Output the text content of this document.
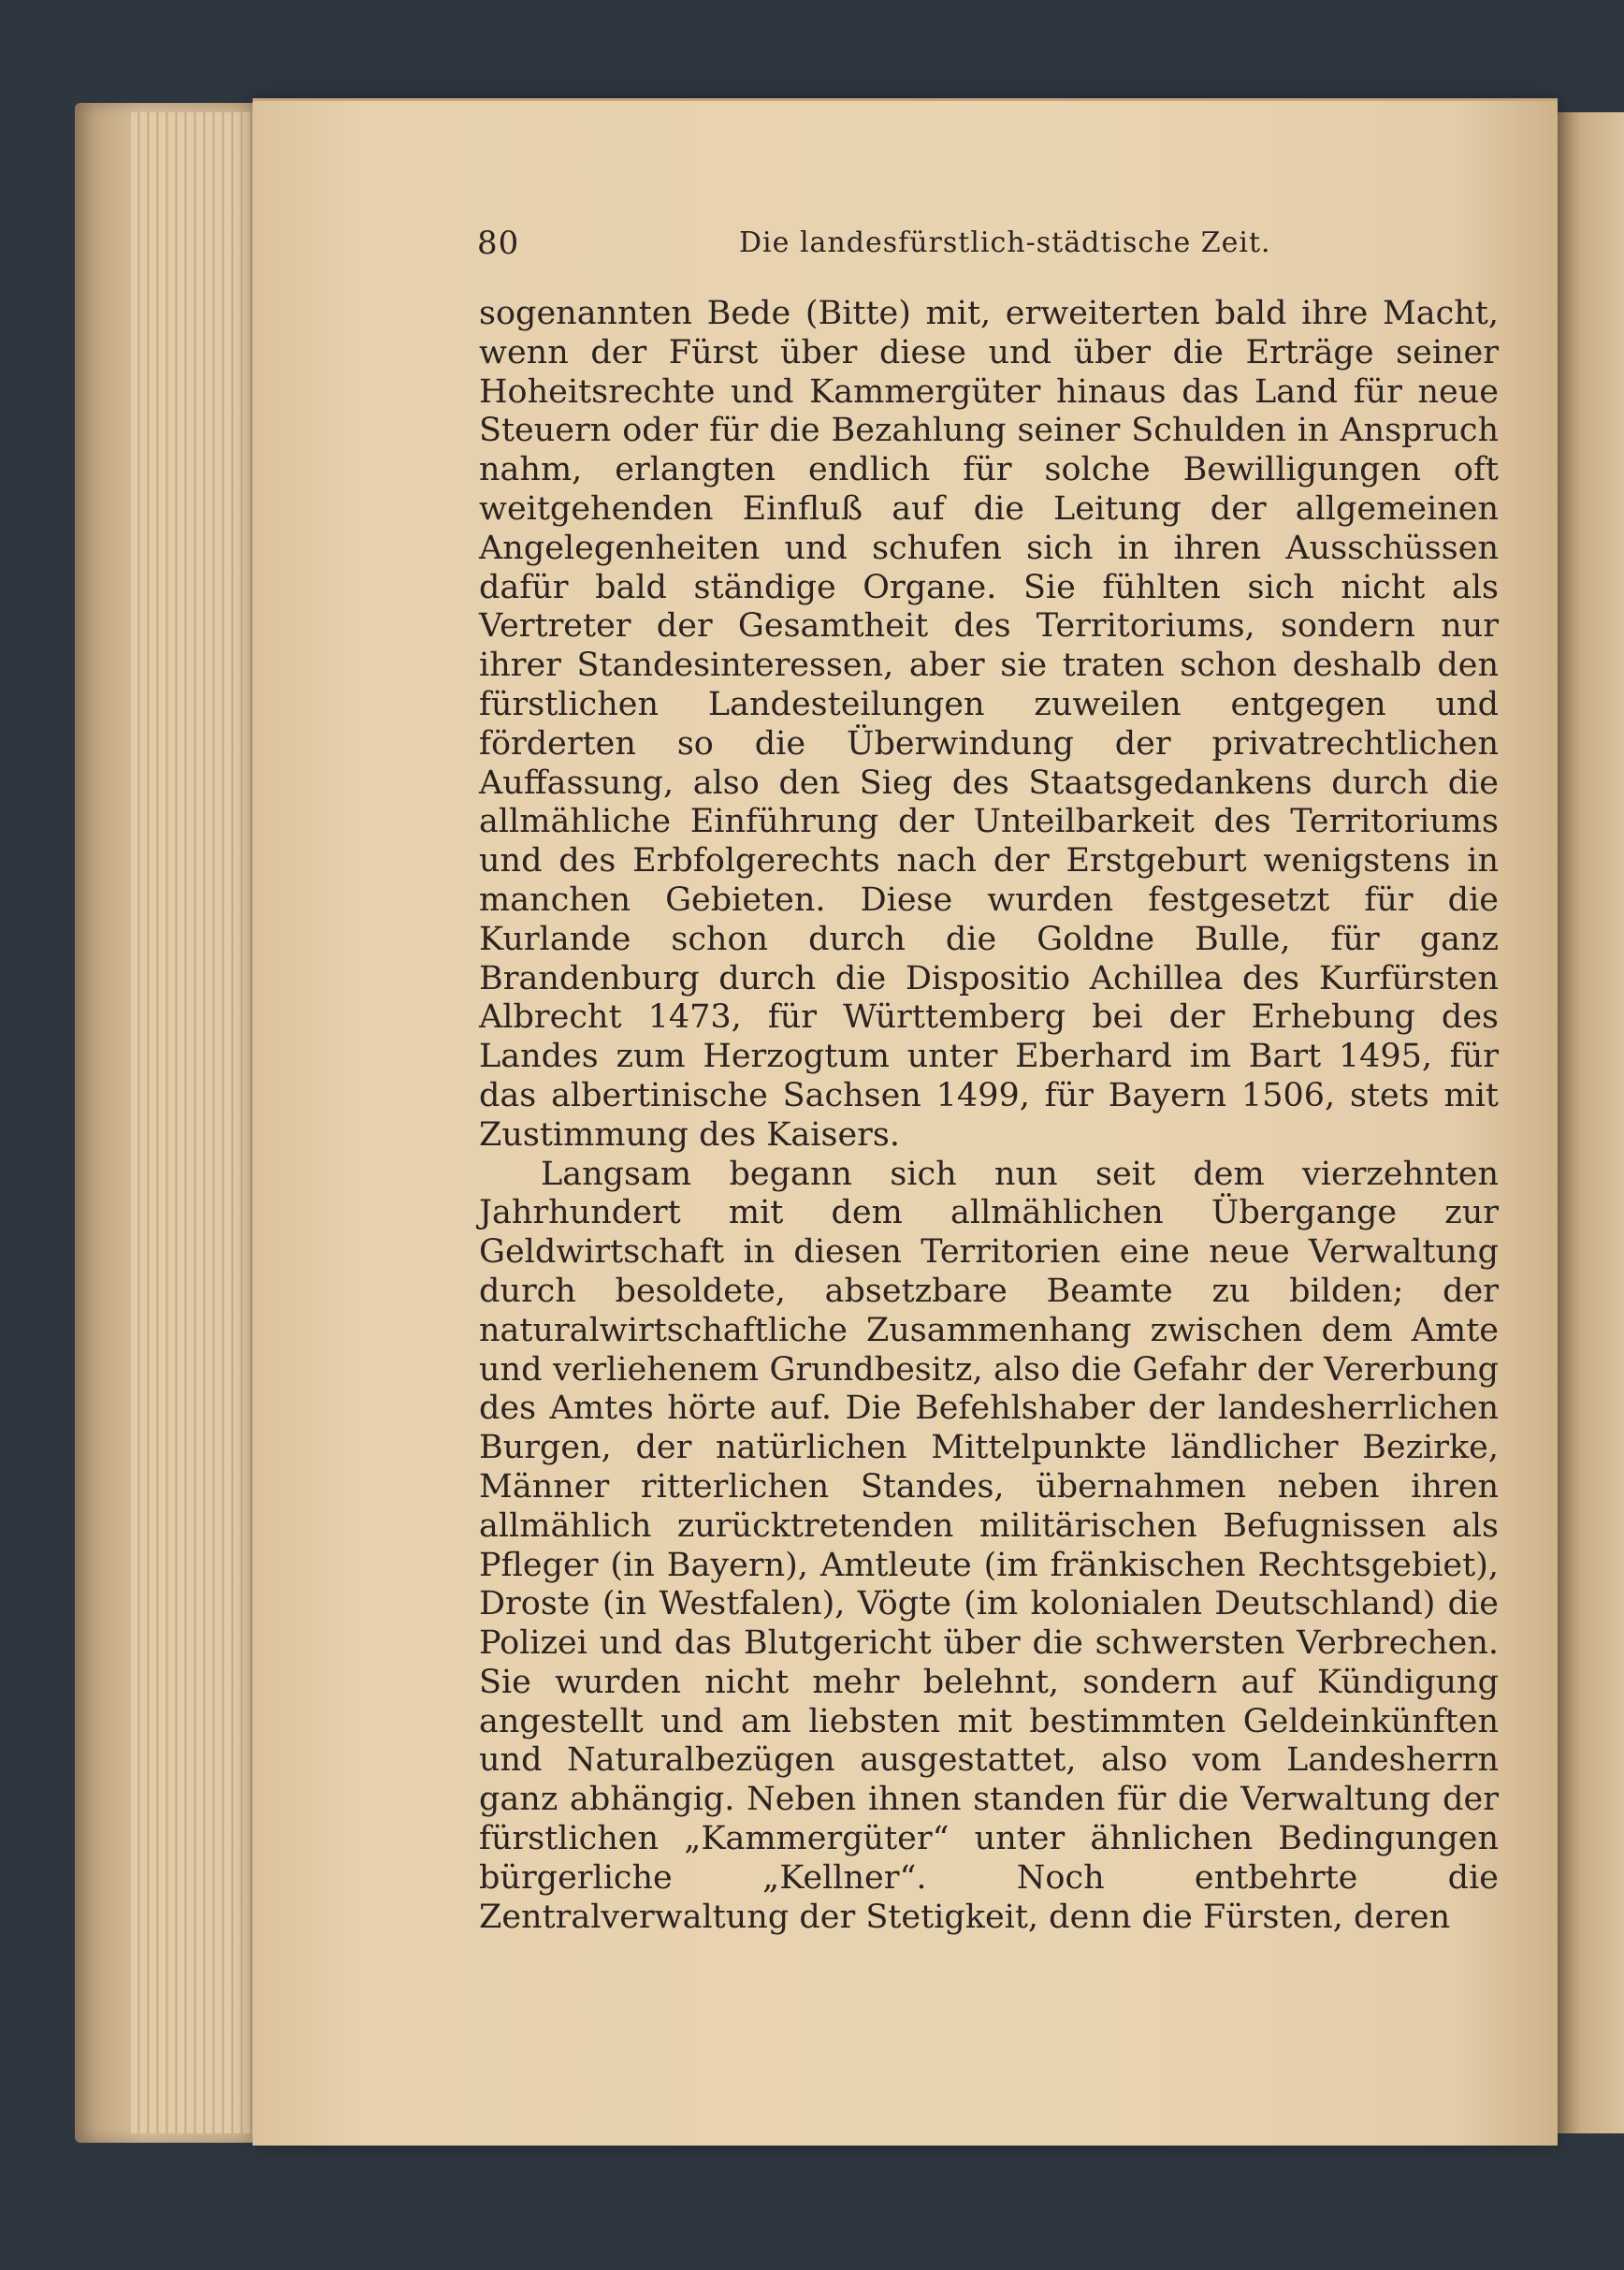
80	Die landesfürstlich-städtische Zeit.

sogenannten Bede (Bitte) mit, erweiterten bald ihre Macht, wenn der Fürst über diese und über die Erträge seiner Hoheitsrechte und Kammergüter hinaus das Land für neue Steuern oder für die Bezahlung seiner Schulden in Anspruch nahm, erlangten endlich für solche Bewilligungen oft weitgehenden Einfluß auf die Leitung der allgemeinen Angelegenheiten und schufen sich in ihren Ausschüssen dafür bald ständige Organe. Sie fühlten sich nicht als Vertreter der Gesamtheit des Territoriums, sondern nur ihrer Standesinteressen, aber sie traten schon deshalb den fürstlichen Landesteilungen zuweilen entgegen und förderten so die Überwindung der privatrechtlichen Auffassung, also den Sieg des Staatsgedankens durch die allmähliche Einführung der Unteilbarkeit des Territoriums und des Erbfolgerechts nach der Erstgeburt wenigstens in manchen Gebieten. Diese wurden festgesetzt für die Kurlande schon durch die Goldne Bulle, für ganz Brandenburg durch die Dispositio Achillea des Kurfürsten Albrecht 1473, für Württemberg bei der Erhebung des Landes zum Herzogtum unter Eberhard im Bart 1495, für das albertinische Sachsen 1499, für Bayern 1506, stets mit Zustimmung des Kaisers.

Langsam begann sich nun seit dem vierzehnten Jahrhundert mit dem allmählichen Übergange zur Geldwirtschaft in diesen Territorien eine neue Verwaltung durch besoldete, absetzbare Beamte zu bilden; der naturalwirtschaftliche Zusammenhang zwischen dem Amte und verliehenem Grundbesitz, also die Gefahr der Vererbung des Amtes hörte auf. Die Befehlshaber der landesherrlichen Burgen, der natürlichen Mittelpunkte ländlicher Bezirke, Männer ritterlichen Standes, übernahmen neben ihren allmählich zurücktretenden militärischen Befugnissen als Pfleger (in Bayern), Amtleute (im fränkischen Rechtsgebiet), Droste (in Westfalen), Vögte (im kolonialen Deutschland) die Polizei und das Blutgericht über die schwersten Verbrechen. Sie wurden nicht mehr belehnt, sondern auf Kündigung angestellt und am liebsten mit bestimmten Geldeinkünften und Naturalbezügen ausgestattet, also vom Landesherrn ganz abhängig. Neben ihnen standen für die Verwaltung der fürstlichen „Kammergüter“ unter ähnlichen Bedingungen bürgerliche „Kellner“. Noch entbehrte die Zentralverwaltung der Stetigkeit, denn die Fürsten, deren
